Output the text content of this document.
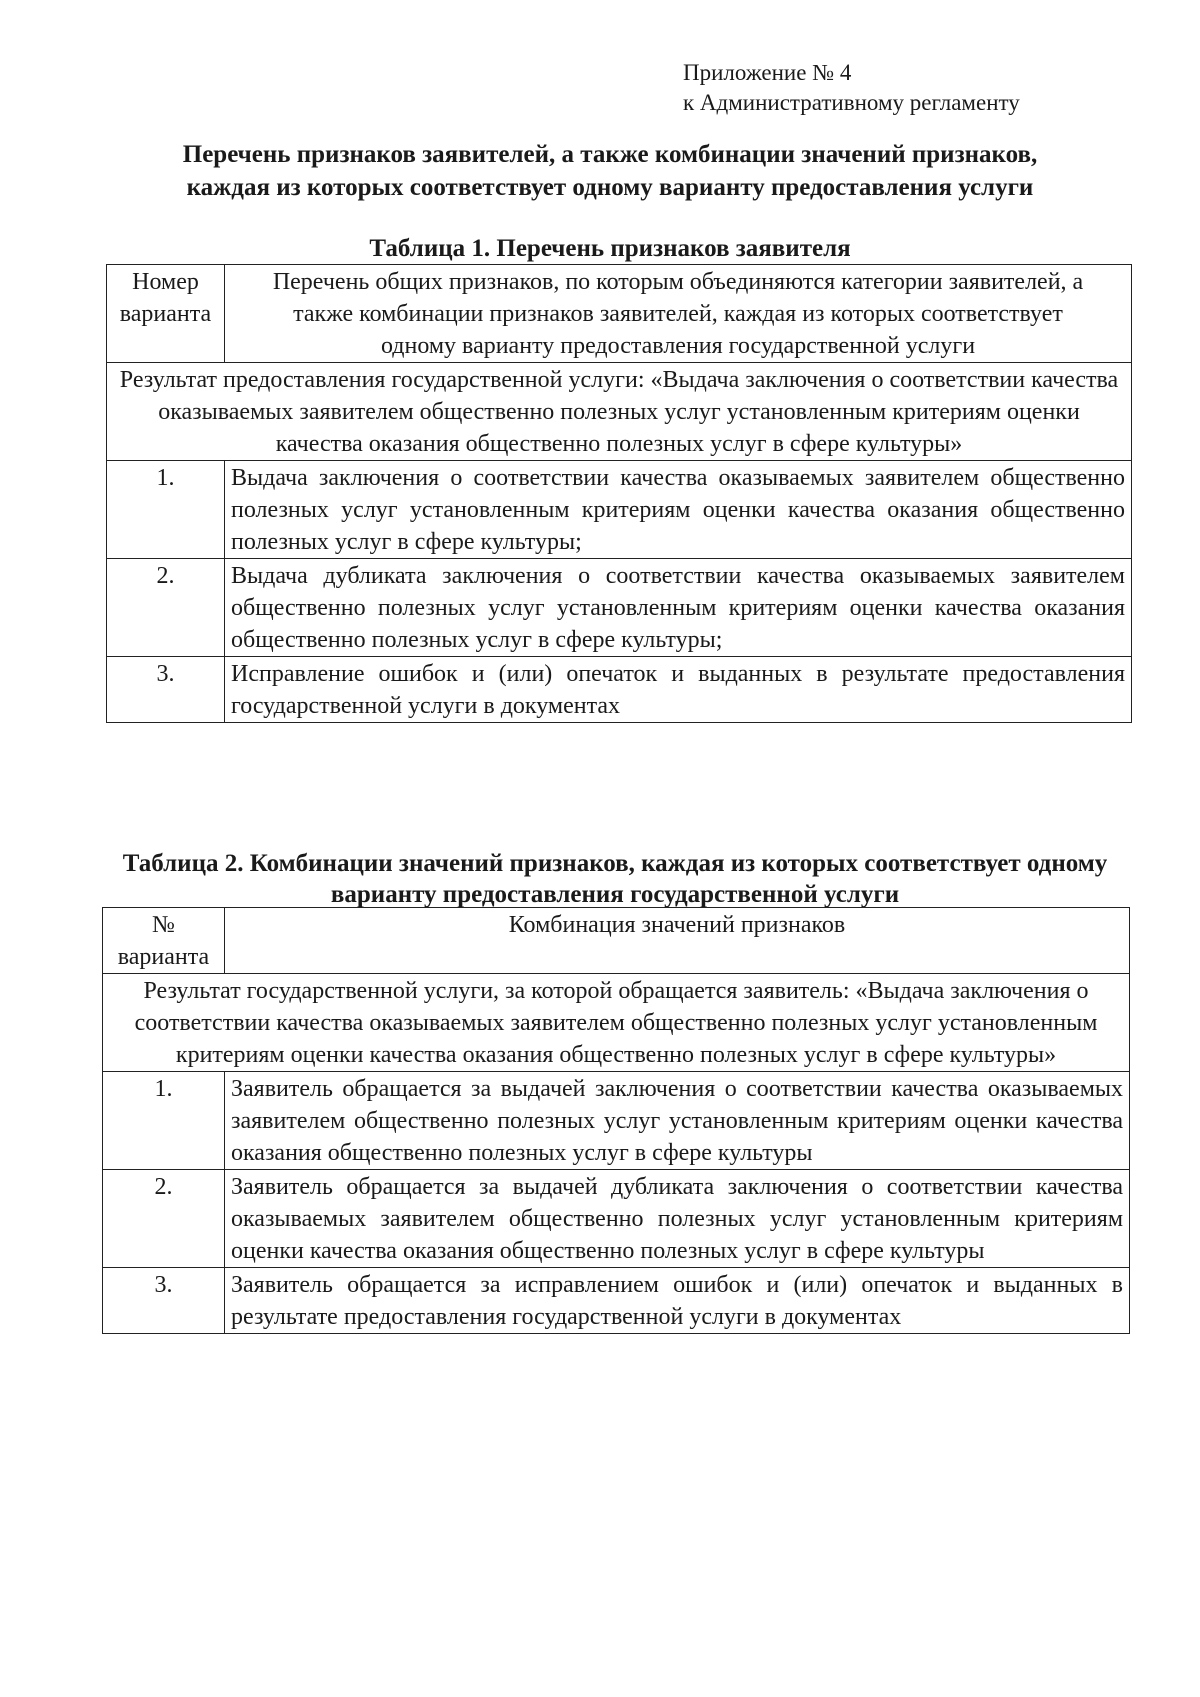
Приложение № 4
к Административному регламенту
Перечень признаков заявителей, а также комбинации значений признаков,
каждая из которых соответствует одному варианту предоставления услуги
Таблица 1. Перечень признаков заявителя
Номер варианта	Перечень общих признаков, по которым объединяются категории заявителей, а также комбинации признаков заявителей, каждая из которых соответствует одному варианту предоставления государственной услуги
Результат предоставления государственной услуги: «Выдача заключения о соответствии качества оказываемых заявителем общественно полезных услуг установленным критериям оценки качества оказания общественно полезных услуг в сфере культуры»	
1.	Выдача заключения о соответствии качества оказываемых заявителем общественно полезных услуг установленным критериям оценки качества оказания общественно полезных услуг в сфере культуры;
2.	Выдача дубликата заключения о соответствии качества оказываемых заявителем общественно полезных услуг установленным критериям оценки качества оказания общественно полезных услуг в сфере культуры;
3.	Исправление ошибок и (или) опечаток и выданных в результате предоставления государственной услуги в документах
Таблица 2. Комбинации значений признаков, каждая из которых соответствует одному варианту предоставления государственной услуги
№ варианта	Комбинация значений признаков
Результат государственной услуги, за которой обращается заявитель: «Выдача заключения о соответствии качества оказываемых заявителем общественно полезных услуг установленным критериям оценки качества оказания общественно полезных услуг в сфере культуры»	
1.	Заявитель обращается за выдачей заключения о соответствии качества оказываемых заявителем общественно полезных услуг установленным критериям оценки качества оказания общественно полезных услуг в сфере культуры
2.	Заявитель обращается за выдачей дубликата заключения о соответствии качества оказываемых заявителем общественно полезных услуг установленным критериям оценки качества оказания общественно полезных услуг в сфере культуры
3.	Заявитель обращается за исправлением ошибок и (или) опечаток и выданных в результате предоставления государственной услуги в документах
